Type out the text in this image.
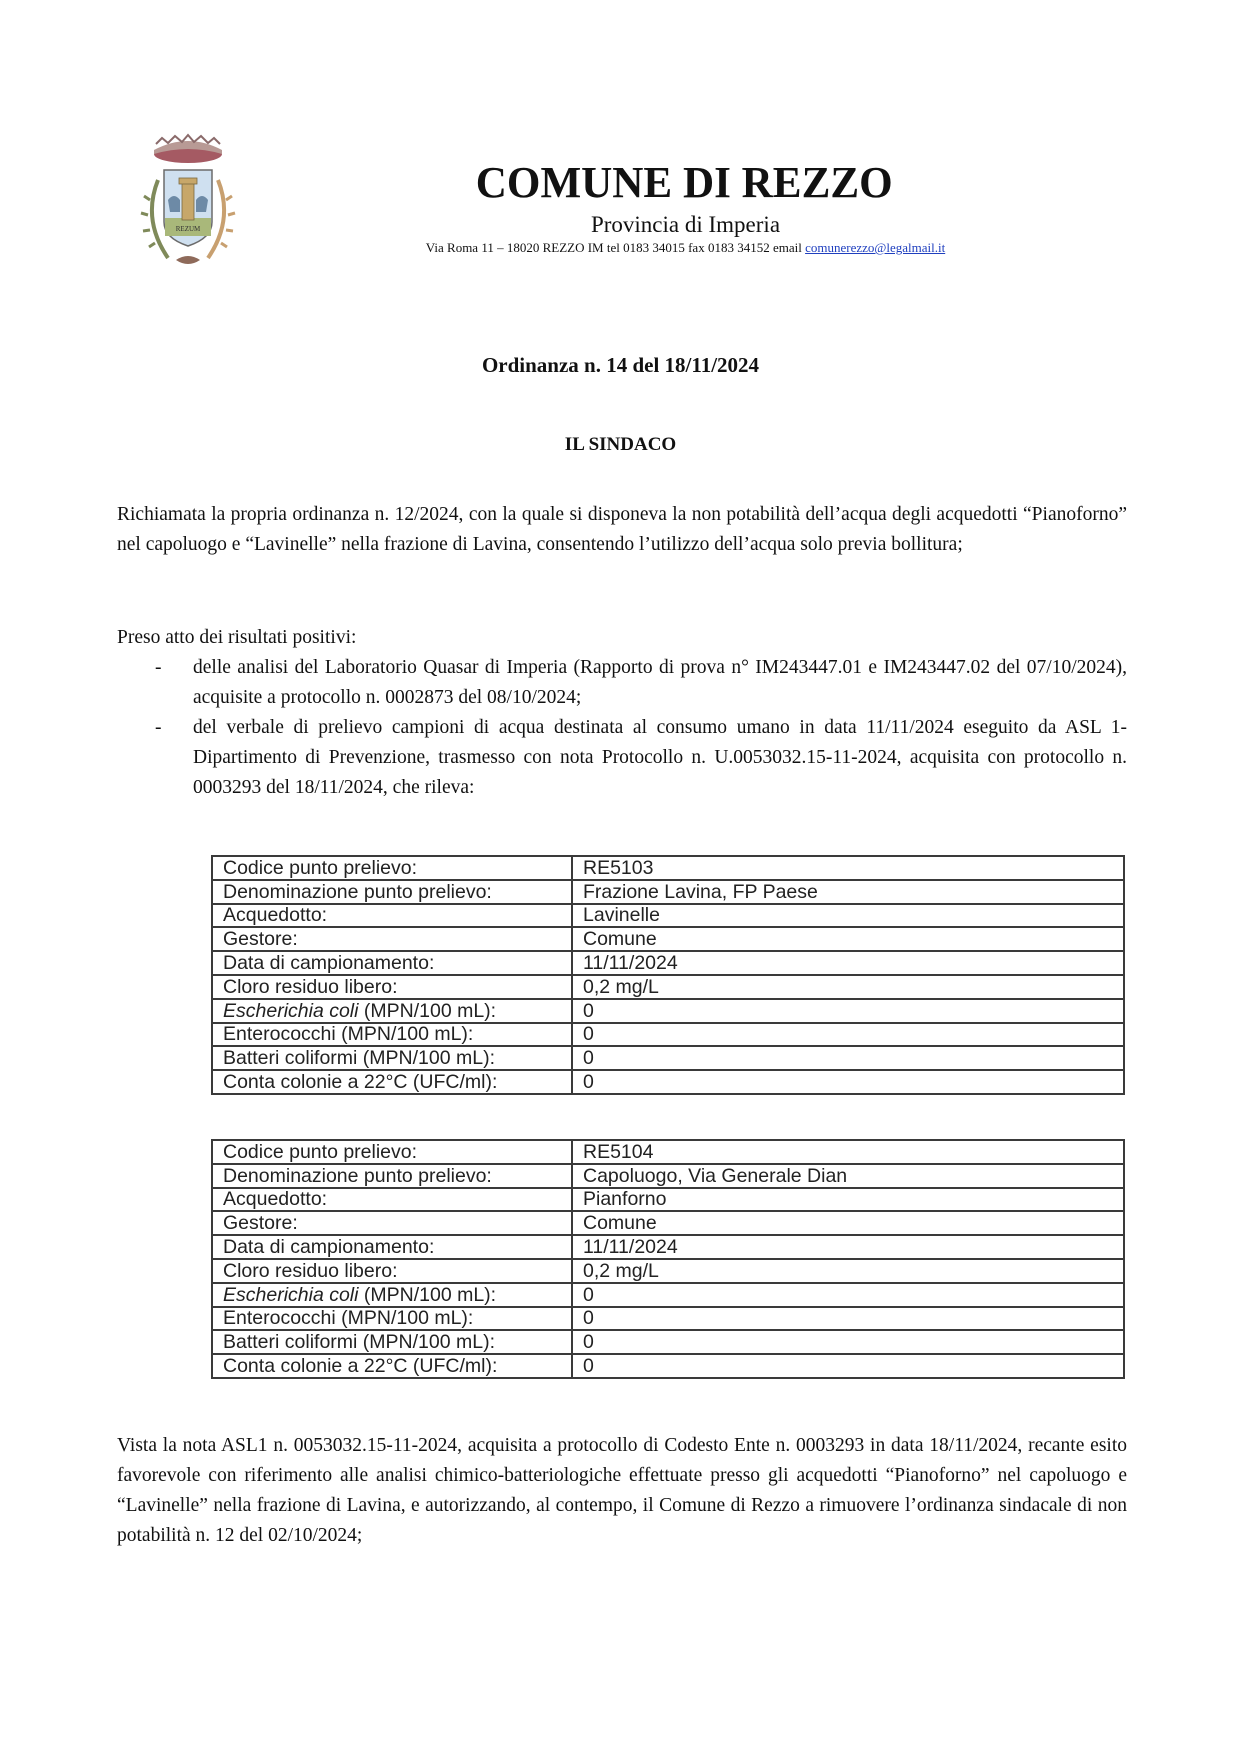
REZUM
COMUNE DI REZZO
Provincia di Imperia
Via Roma 11 – 18020 REZZO IM tel 0183 34015 fax 0183 34152 email comunerezzo@legalmail.it
Ordinanza n. 14 del 18/11/2024
IL SINDACO

Richiamata la propria ordinanza n. 12/2024, con la quale si disponeva la non potabilità dell’acqua degli acquedotti “Pianoforno” nel capoluogo e “Lavinelle” nella frazione di Lavina, consentendo l’utilizzo dell’acqua solo previa bollitura;

Preso atto dei risultati positivi:

- delle analisi del Laboratorio Quasar di Imperia (Rapporto di prova n° IM243447.01 e IM243447.02 del 07/10/2024), acquisite a protocollo n. 0002873 del 08/10/2024;

- del verbale di prelievo campioni di acqua destinata al consumo umano in data 11/11/2024 eseguito da ASL 1- Dipartimento di Prevenzione, trasmesso con nota Protocollo n. U.0053032.15-11-2024, acquisita con protocollo n. 0003293 del 18/11/2024, che rileva:

Codice punto prelievo:	RE5103
Denominazione punto prelievo:	Frazione Lavina, FP Paese
Acquedotto:	Lavinelle
Gestore:	Comune
Data di campionamento:	11/11/2024
Cloro residuo libero:	0,2 mg/L
Escherichia coli (MPN/100 mL):	0
Enterococchi (MPN/100 mL):	0
Batteri coliformi (MPN/100 mL):	0
Conta colonie a 22°C (UFC/ml):	0
Codice punto prelievo:	RE5104
Denominazione punto prelievo:	Capoluogo, Via Generale Dian
Acquedotto:	Pianforno
Gestore:	Comune
Data di campionamento:	11/11/2024
Cloro residuo libero:	0,2 mg/L
Escherichia coli (MPN/100 mL):	0
Enterococchi (MPN/100 mL):	0
Batteri coliformi (MPN/100 mL):	0
Conta colonie a 22°C (UFC/ml):	0

Vista la nota ASL1 n. 0053032.15-11-2024, acquisita a protocollo di Codesto Ente n. 0003293 in data 18/11/2024, recante esito favorevole con riferimento alle analisi chimico-batteriologiche effettuate presso gli acquedotti “Pianoforno” nel capoluogo e “Lavinelle” nella frazione di Lavina, e autorizzando, al contempo, il Comune di Rezzo a rimuovere l’ordinanza sindacale di non potabilità n. 12 del 02/10/2024;
